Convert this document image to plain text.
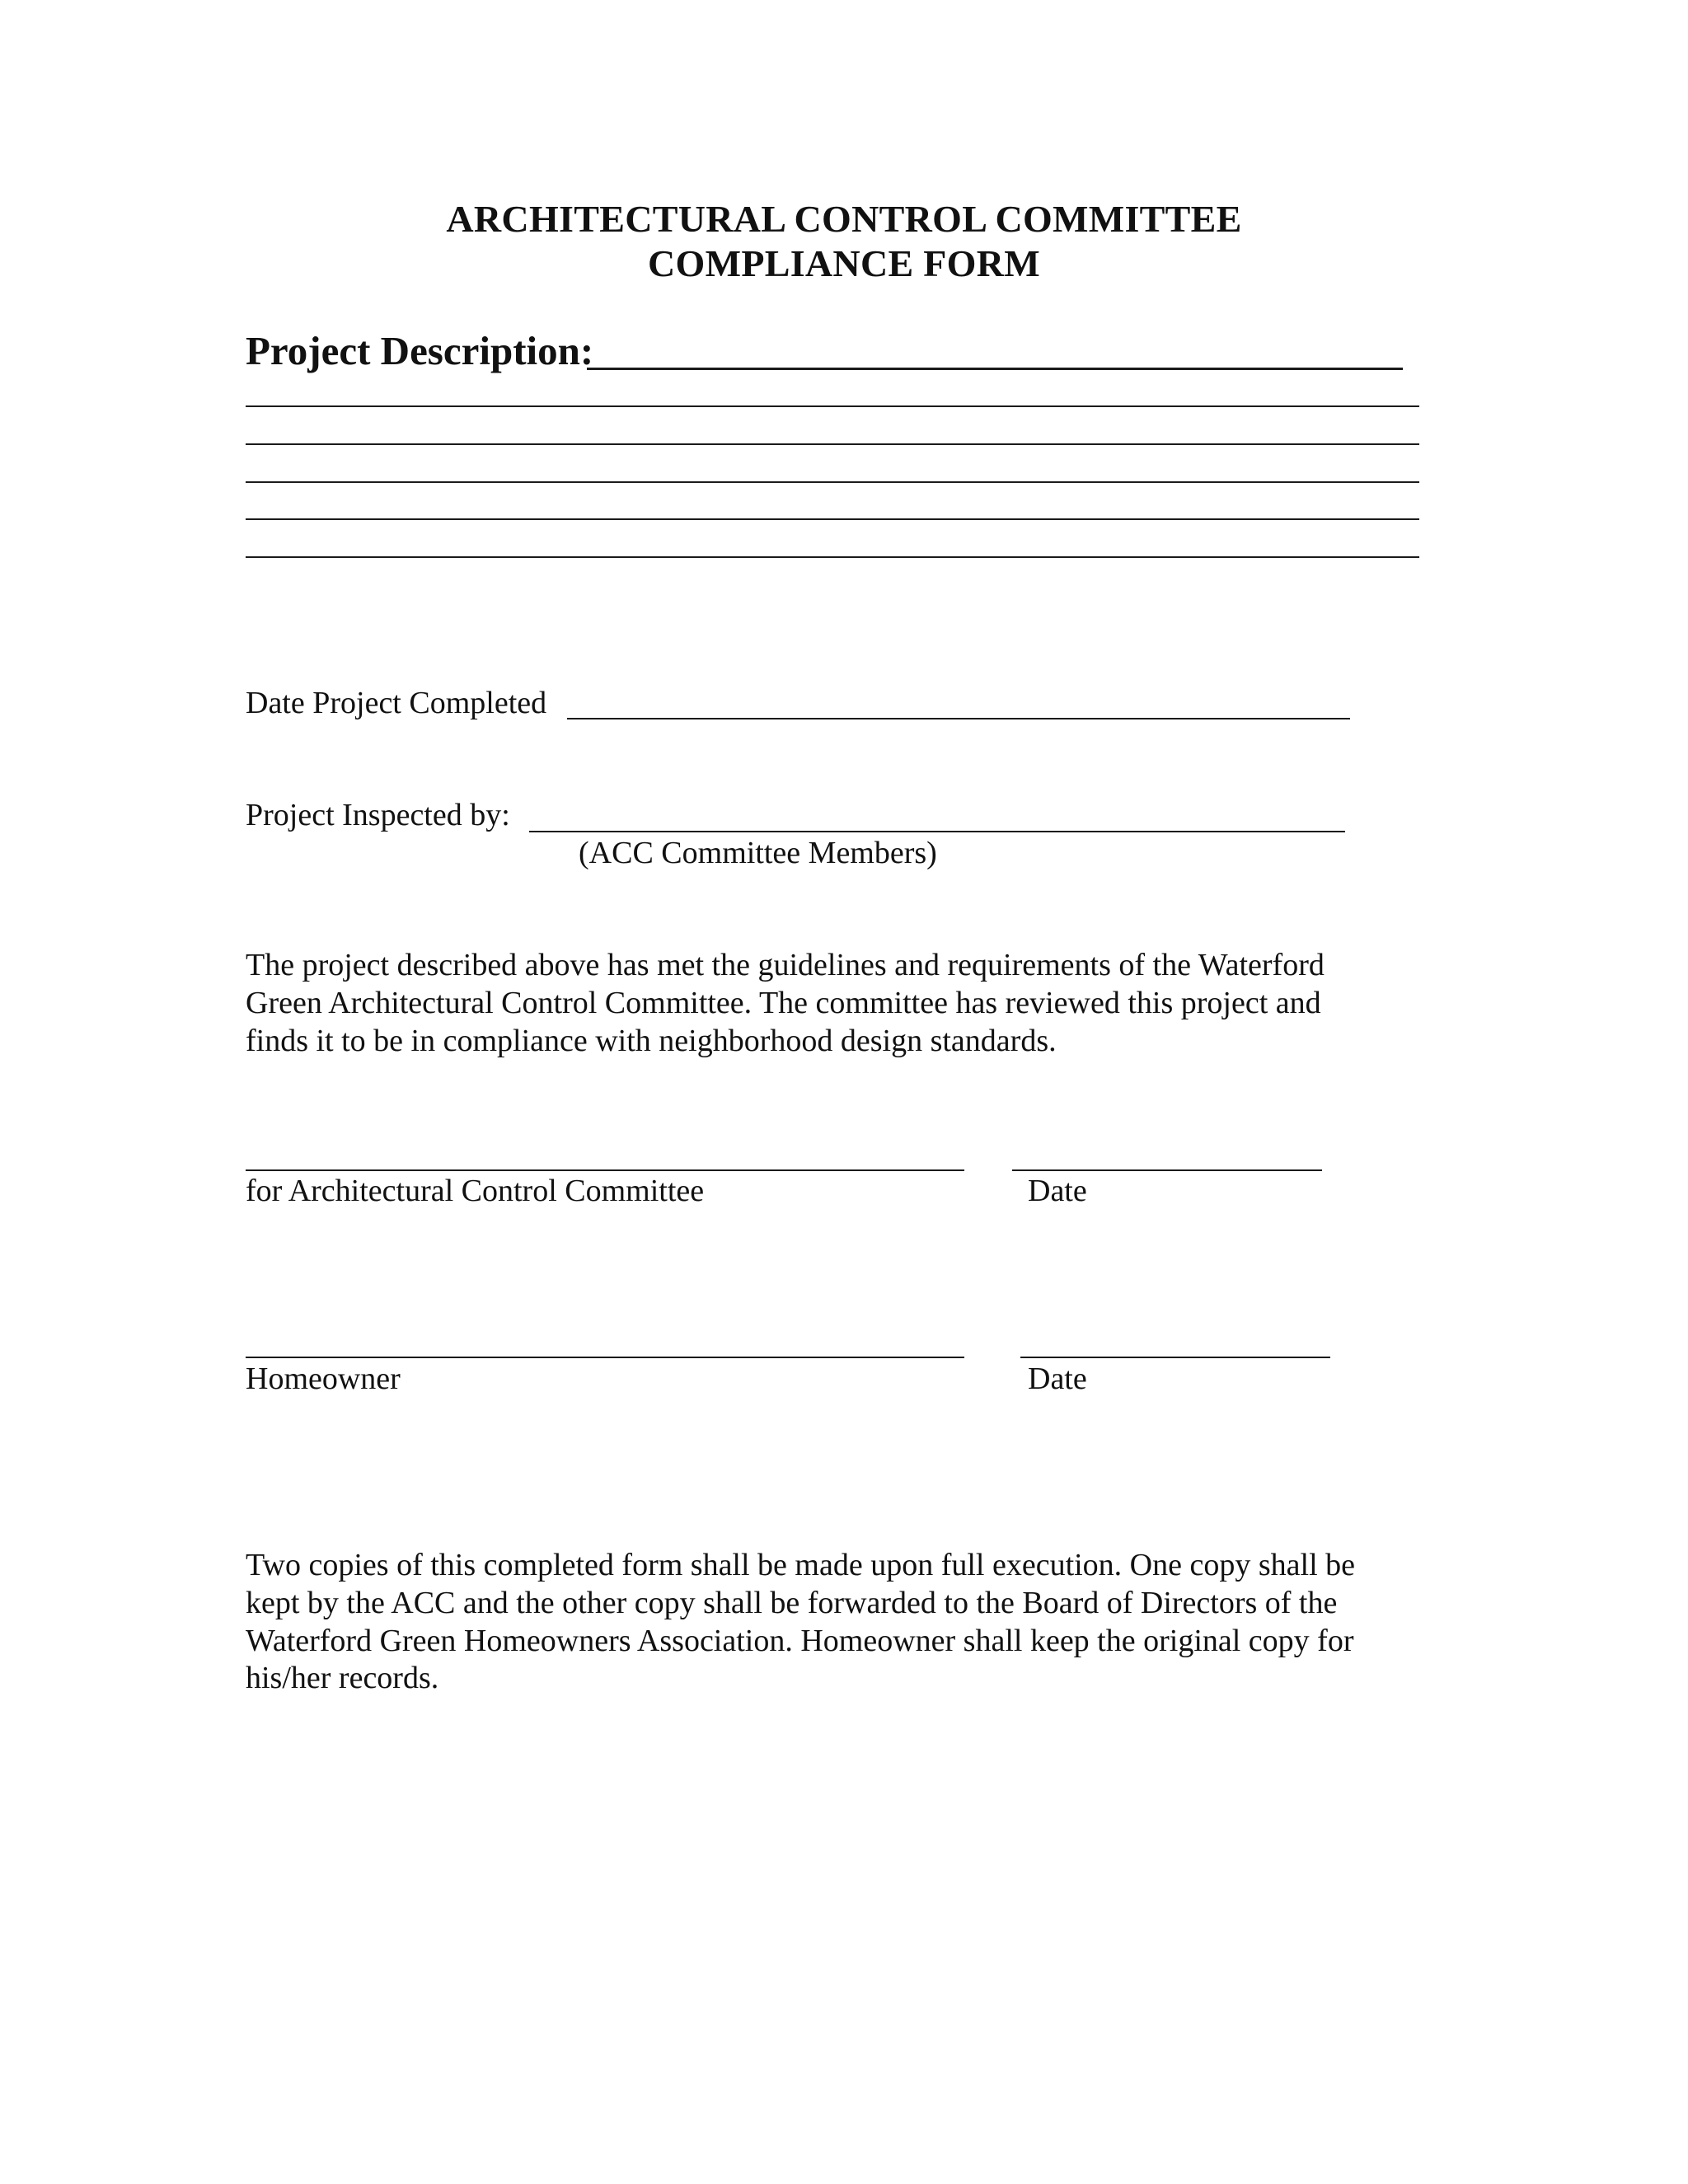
ARCHITECTURAL CONTROL COMMITTEE
COMPLIANCE FORM
Project Description:
Date Project Completed
Project Inspected by:
(ACC Committee Members)
The project described above has met the guidelines and requirements of the Waterford
Green Architectural Control Committee. The committee has reviewed this project and
finds it to be in compliance with neighborhood design standards.
for Architectural Control Committee	Date
Homeowner	Date
Two copies of this completed form shall be made upon full execution. One copy shall be
kept by the ACC and the other copy shall be forwarded to the Board of Directors of the
Waterford Green Homeowners Association. Homeowner shall keep the original copy for
his/her records.
